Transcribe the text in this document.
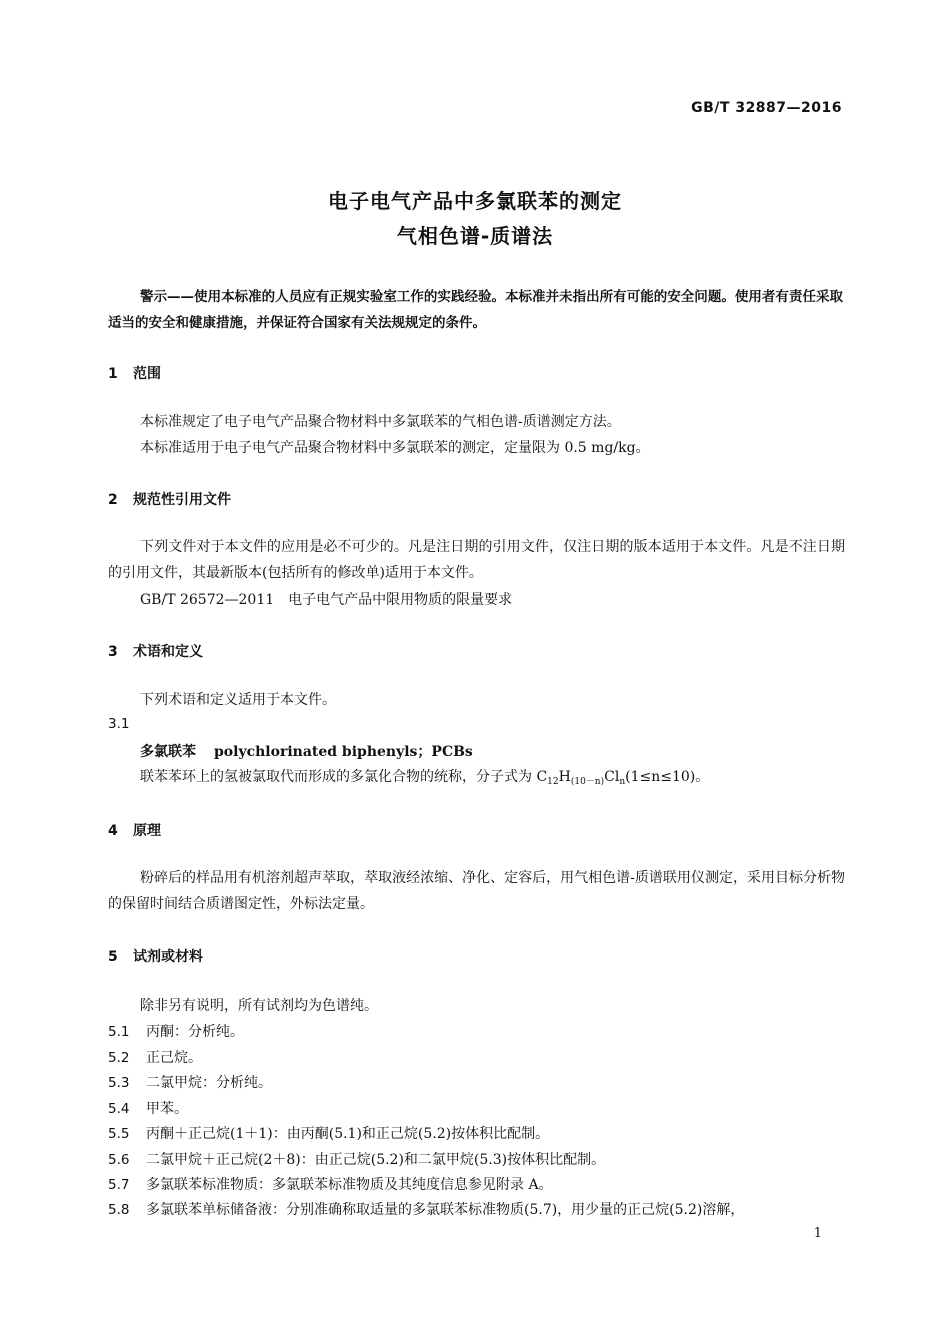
GB/T 32887—2016
电子电气产品中多氯联苯的测定
气相色谱-质谱法
警示——使用本标准的人员应有正规实验室工作的实践经验。本标准并未指出所有可能的安全问题。使用者有责任采取适当的安全和健康措施，并保证符合国家有关法规规定的条件。
1 范围
本标准规定了电子电气产品聚合物材料中多氯联苯的气相色谱-质谱测定方法。
本标准适用于电子电气产品聚合物材料中多氯联苯的测定，定量限为 0.5 mg/kg。
2 规范性引用文件
下列文件对于本文件的应用是必不可少的。凡是注日期的引用文件，仅注日期的版本适用于本文件。凡是不注日期的引用文件，其最新版本(包括所有的修改单)适用于本文件。
GB/T 26572—2011　电子电气产品中限用物质的限量要求
3 术语和定义
下列术语和定义适用于本文件。
3.1
多氯联苯 polychlorinated biphenyls；PCBs
联苯苯环上的氢被氯取代而形成的多氯化合物的统称，分子式为 $C_{12}H_{(10-n)}Cl_n(1\le n\le 10)$。
4 原理
粉碎后的样品用有机溶剂超声萃取，萃取液经浓缩、净化、定容后，用气相色谱-质谱联用仪测定，采用目标分析物的保留时间结合质谱图定性，外标法定量。
5 试剂或材料
除非另有说明，所有试剂均为色谱纯。
5.1 丙酮：分析纯。
5.2 正己烷。
5.3 二氯甲烷：分析纯。
5.4 甲苯。
5.5 丙酮＋正己烷(1＋1)：由丙酮(5.1)和正己烷(5.2)按体积比配制。
5.6 二氯甲烷＋正己烷(2＋8)：由正己烷(5.2)和二氯甲烷(5.3)按体积比配制。
5.7 多氯联苯标准物质：多氯联苯标准物质及其纯度信息参见附录 A。
5.8 多氯联苯单标储备液：分别准确称取适量的多氯联苯标准物质(5.7)，用少量的正己烷(5.2)溶解，
1
